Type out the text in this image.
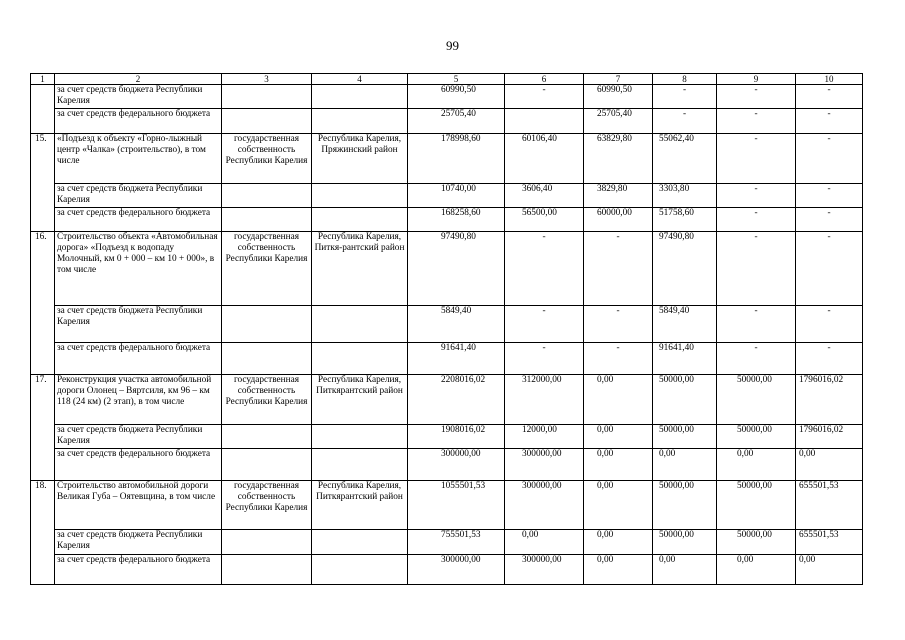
99
1	2	3	4	5	6	7	8	9	10
	за счет средств бюджета Республики Карелия			60990,50	-	60990,50	-	-	-
	за счет средств федерального бюджета			25705,40		25705,40	-	-	-
15.	«Подъезд к объекту «Горно-лыжный центр «Чалка» (строительство), в том числе	государственная собственность Республики Карелия	Республика Карелия, Пряжинский район	178998,60	60106,40	63829,80	55062,40	-	-
	за счет средств бюджета Республики Карелия			10740,00	3606,40	3829,80	3303,80	-	-
	за счет средств федерального бюджета			168258,60	56500,00	60000,00	51758,60	-	-
16.	Строительство объекта «Автомобильная дорога» «Подъезд к водопаду Молочный, км 0 + 000 – км 10 + 000», в том числе	государственная собственность Республики Карелия	Республика Карелия, Питкя-рантский район	97490,80	-	-	97490,80	-	-
	за счет средств бюджета Республики Карелия			5849,40	-	-	5849,40	-	-
	за счет средств федерального бюджета			91641,40	-	-	91641,40	-	-
17.	Реконструкция участка автомобильной дороги Олонец – Вяртсиля, км 96 – км 118 (24 км) (2 этап), в том числе	государственная собственность Республики Карелия	Республика Карелия, Питкярантский район	2208016,02	312000,00	0,00	50000,00	50000,00	1796016,02
	за счет средств бюджета Республики Карелия			1908016,02	12000,00	0,00	50000,00	50000,00	1796016,02
	за счет средств федерального бюджета			300000,00	300000,00	0,00	0,00	0,00	0,00
18.	Строительство автомобильной дороги Великая Губа – Оятевщина, в том числе	государственная собственность Республики Карелия	Республика Карелия, Питкярантский район	1055501,53	300000,00	0,00	50000,00	50000,00	655501,53
	за счет средств бюджета Республики Карелия			755501,53	0,00	0,00	50000,00	50000,00	655501,53
	за счет средств федерального бюджета			300000,00	300000,00	0,00	0,00	0,00	0,00
